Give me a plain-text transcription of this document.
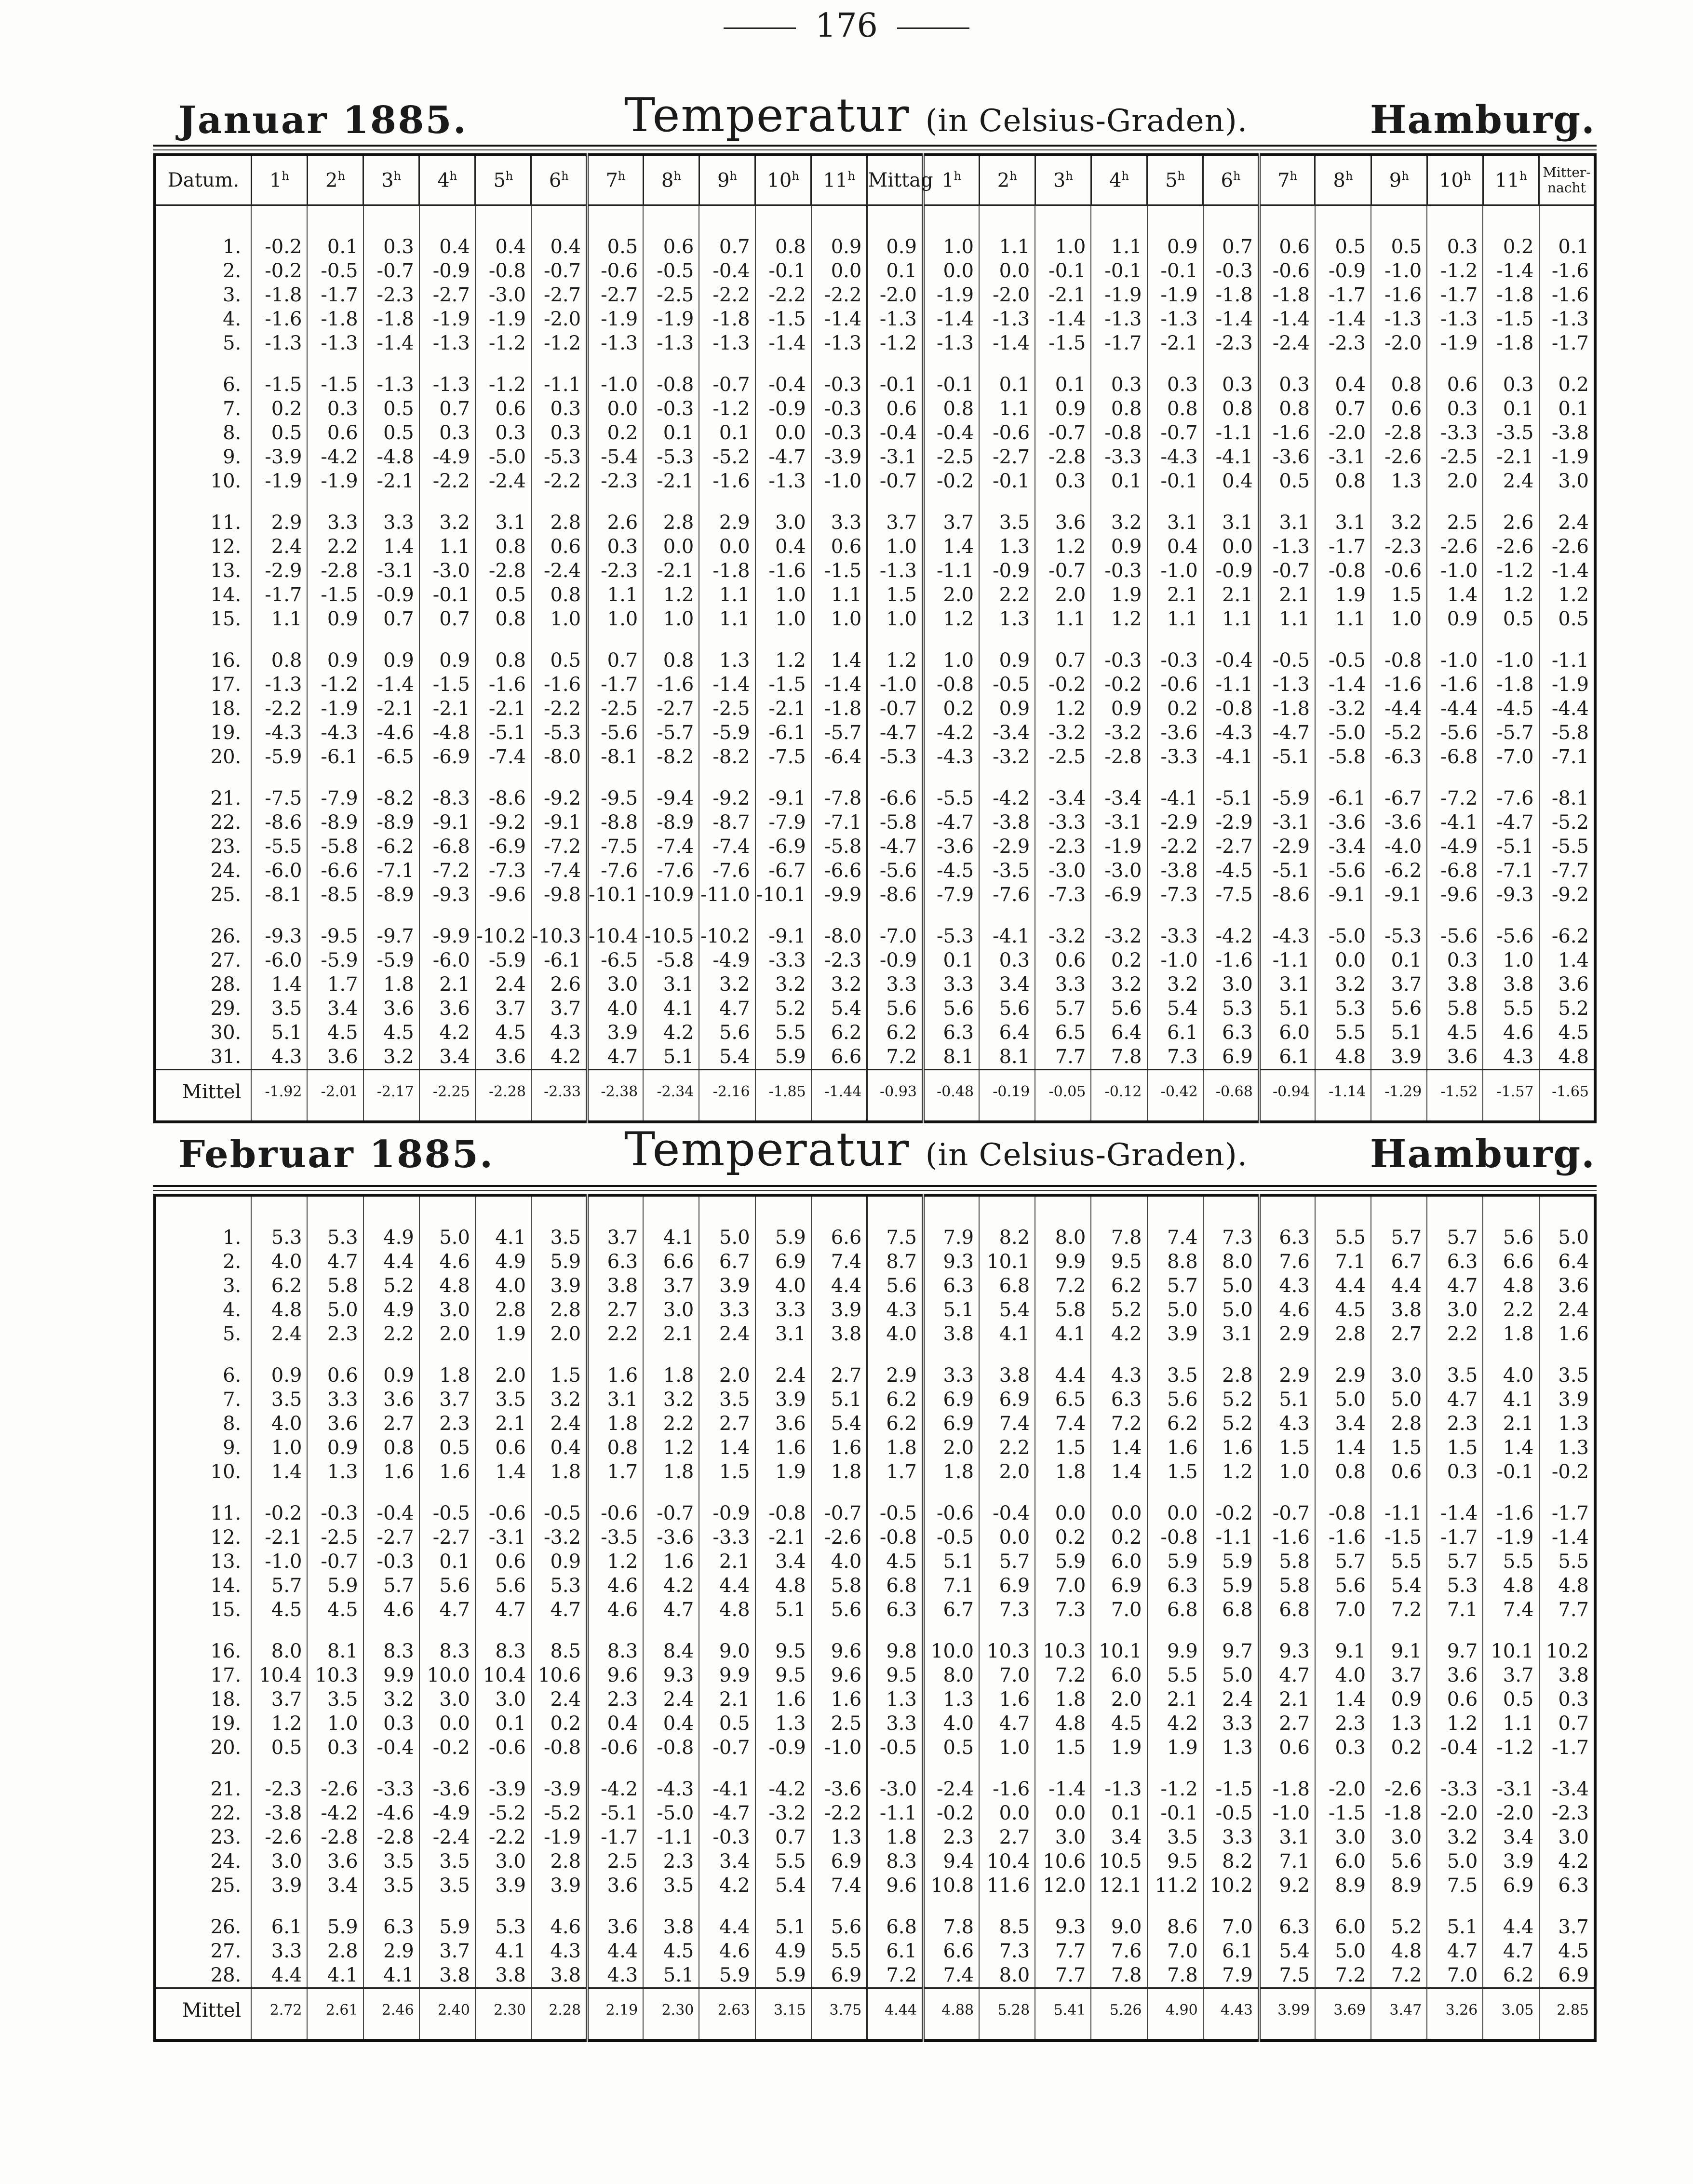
176
Januar 1885.	Temperatur (in Celsius-Graden).	Hamburg.
Datum.	1$^h$	2$^h$	3$^h$	4$^h$	5$^h$	6$^h$	7$^h$	8$^h$	9$^h$	10$^h$	11$^h$	Mittag	1$^h$	2$^h$	3$^h$	4$^h$	5$^h$	6$^h$	7$^h$	8$^h$	9$^h$	10$^h$	11$^h$	Mitter-nacht

1.	-0.2	0.1	0.3	0.4	0.4	0.4	0.5	0.6	0.7	0.8	0.9	0.9	1.0	1.1	1.0	1.1	0.9	0.7	0.6	0.5	0.5	0.3	0.2	0.1
2.	-0.2	-0.5	-0.7	-0.9	-0.8	-0.7	-0.6	-0.5	-0.4	-0.1	0.0	0.1	0.0	0.0	-0.1	-0.1	-0.1	-0.3	-0.6	-0.9	-1.0	-1.2	-1.4	-1.6
3.	-1.8	-1.7	-2.3	-2.7	-3.0	-2.7	-2.7	-2.5	-2.2	-2.2	-2.2	-2.0	-1.9	-2.0	-2.1	-1.9	-1.9	-1.8	-1.8	-1.7	-1.6	-1.7	-1.8	-1.6
4.	-1.6	-1.8	-1.8	-1.9	-1.9	-2.0	-1.9	-1.9	-1.8	-1.5	-1.4	-1.3	-1.4	-1.3	-1.4	-1.3	-1.3	-1.4	-1.4	-1.4	-1.3	-1.3	-1.5	-1.3
5.	-1.3	-1.3	-1.4	-1.3	-1.2	-1.2	-1.3	-1.3	-1.3	-1.4	-1.3	-1.2	-1.3	-1.4	-1.5	-1.7	-2.1	-2.3	-2.4	-2.3	-2.0	-1.9	-1.8	-1.7

6.	-1.5	-1.5	-1.3	-1.3	-1.2	-1.1	-1.0	-0.8	-0.7	-0.4	-0.3	-0.1	-0.1	0.1	0.1	0.3	0.3	0.3	0.3	0.4	0.8	0.6	0.3	0.2
7.	0.2	0.3	0.5	0.7	0.6	0.3	0.0	-0.3	-1.2	-0.9	-0.3	0.6	0.8	1.1	0.9	0.8	0.8	0.8	0.8	0.7	0.6	0.3	0.1	0.1
8.	0.5	0.6	0.5	0.3	0.3	0.3	0.2	0.1	0.1	0.0	-0.3	-0.4	-0.4	-0.6	-0.7	-0.8	-0.7	-1.1	-1.6	-2.0	-2.8	-3.3	-3.5	-3.8
9.	-3.9	-4.2	-4.8	-4.9	-5.0	-5.3	-5.4	-5.3	-5.2	-4.7	-3.9	-3.1	-2.5	-2.7	-2.8	-3.3	-4.3	-4.1	-3.6	-3.1	-2.6	-2.5	-2.1	-1.9
10.	-1.9	-1.9	-2.1	-2.2	-2.4	-2.2	-2.3	-2.1	-1.6	-1.3	-1.0	-0.7	-0.2	-0.1	0.3	0.1	-0.1	0.4	0.5	0.8	1.3	2.0	2.4	3.0

11.	2.9	3.3	3.3	3.2	3.1	2.8	2.6	2.8	2.9	3.0	3.3	3.7	3.7	3.5	3.6	3.2	3.1	3.1	3.1	3.1	3.2	2.5	2.6	2.4
12.	2.4	2.2	1.4	1.1	0.8	0.6	0.3	0.0	0.0	0.4	0.6	1.0	1.4	1.3	1.2	0.9	0.4	0.0	-1.3	-1.7	-2.3	-2.6	-2.6	-2.6
13.	-2.9	-2.8	-3.1	-3.0	-2.8	-2.4	-2.3	-2.1	-1.8	-1.6	-1.5	-1.3	-1.1	-0.9	-0.7	-0.3	-1.0	-0.9	-0.7	-0.8	-0.6	-1.0	-1.2	-1.4
14.	-1.7	-1.5	-0.9	-0.1	0.5	0.8	1.1	1.2	1.1	1.0	1.1	1.5	2.0	2.2	2.0	1.9	2.1	2.1	2.1	1.9	1.5	1.4	1.2	1.2
15.	1.1	0.9	0.7	0.7	0.8	1.0	1.0	1.0	1.1	1.0	1.0	1.0	1.2	1.3	1.1	1.2	1.1	1.1	1.1	1.1	1.0	0.9	0.5	0.5

16.	0.8	0.9	0.9	0.9	0.8	0.5	0.7	0.8	1.3	1.2	1.4	1.2	1.0	0.9	0.7	-0.3	-0.3	-0.4	-0.5	-0.5	-0.8	-1.0	-1.0	-1.1
17.	-1.3	-1.2	-1.4	-1.5	-1.6	-1.6	-1.7	-1.6	-1.4	-1.5	-1.4	-1.0	-0.8	-0.5	-0.2	-0.2	-0.6	-1.1	-1.3	-1.4	-1.6	-1.6	-1.8	-1.9
18.	-2.2	-1.9	-2.1	-2.1	-2.1	-2.2	-2.5	-2.7	-2.5	-2.1	-1.8	-0.7	0.2	0.9	1.2	0.9	0.2	-0.8	-1.8	-3.2	-4.4	-4.4	-4.5	-4.4
19.	-4.3	-4.3	-4.6	-4.8	-5.1	-5.3	-5.6	-5.7	-5.9	-6.1	-5.7	-4.7	-4.2	-3.4	-3.2	-3.2	-3.6	-4.3	-4.7	-5.0	-5.2	-5.6	-5.7	-5.8
20.	-5.9	-6.1	-6.5	-6.9	-7.4	-8.0	-8.1	-8.2	-8.2	-7.5	-6.4	-5.3	-4.3	-3.2	-2.5	-2.8	-3.3	-4.1	-5.1	-5.8	-6.3	-6.8	-7.0	-7.1

21.	-7.5	-7.9	-8.2	-8.3	-8.6	-9.2	-9.5	-9.4	-9.2	-9.1	-7.8	-6.6	-5.5	-4.2	-3.4	-3.4	-4.1	-5.1	-5.9	-6.1	-6.7	-7.2	-7.6	-8.1
22.	-8.6	-8.9	-8.9	-9.1	-9.2	-9.1	-8.8	-8.9	-8.7	-7.9	-7.1	-5.8	-4.7	-3.8	-3.3	-3.1	-2.9	-2.9	-3.1	-3.6	-3.6	-4.1	-4.7	-5.2
23.	-5.5	-5.8	-6.2	-6.8	-6.9	-7.2	-7.5	-7.4	-7.4	-6.9	-5.8	-4.7	-3.6	-2.9	-2.3	-1.9	-2.2	-2.7	-2.9	-3.4	-4.0	-4.9	-5.1	-5.5
24.	-6.0	-6.6	-7.1	-7.2	-7.3	-7.4	-7.6	-7.6	-7.6	-6.7	-6.6	-5.6	-4.5	-3.5	-3.0	-3.0	-3.8	-4.5	-5.1	-5.6	-6.2	-6.8	-7.1	-7.7
25.	-8.1	-8.5	-8.9	-9.3	-9.6	-9.8	-10.1	-10.9	-11.0	-10.1	-9.9	-8.6	-7.9	-7.6	-7.3	-6.9	-7.3	-7.5	-8.6	-9.1	-9.1	-9.6	-9.3	-9.2

26.	-9.3	-9.5	-9.7	-9.9	-10.2	-10.3	-10.4	-10.5	-10.2	-9.1	-8.0	-7.0	-5.3	-4.1	-3.2	-3.2	-3.3	-4.2	-4.3	-5.0	-5.3	-5.6	-5.6	-6.2
27.	-6.0	-5.9	-5.9	-6.0	-5.9	-6.1	-6.5	-5.8	-4.9	-3.3	-2.3	-0.9	0.1	0.3	0.6	0.2	-1.0	-1.6	-1.1	0.0	0.1	0.3	1.0	1.4
28.	1.4	1.7	1.8	2.1	2.4	2.6	3.0	3.1	3.2	3.2	3.2	3.3	3.3	3.4	3.3	3.2	3.2	3.0	3.1	3.2	3.7	3.8	3.8	3.6
29.	3.5	3.4	3.6	3.6	3.7	3.7	4.0	4.1	4.7	5.2	5.4	5.6	5.6	5.6	5.7	5.6	5.4	5.3	5.1	5.3	5.6	5.8	5.5	5.2
30.	5.1	4.5	4.5	4.2	4.5	4.3	3.9	4.2	5.6	5.5	6.2	6.2	6.3	6.4	6.5	6.4	6.1	6.3	6.0	5.5	5.1	4.5	4.6	4.5
31.	4.3	3.6	3.2	3.4	3.6	4.2	4.7	5.1	5.4	5.9	6.6	7.2	8.1	8.1	7.7	7.8	7.3	6.9	6.1	4.8	3.9	3.6	4.3	4.8
Mittel	-1.92	-2.01	-2.17	-2.25	-2.28	-2.33	-2.38	-2.34	-2.16	-1.85	-1.44	-0.93	-0.48	-0.19	-0.05	-0.12	-0.42	-0.68	-0.94	-1.14	-1.29	-1.52	-1.57	-1.65

Februar 1885.	Temperatur (in Celsius-Graden).	Hamburg.

1.	5.3	5.3	4.9	5.0	4.1	3.5	3.7	4.1	5.0	5.9	6.6	7.5	7.9	8.2	8.0	7.8	7.4	7.3	6.3	5.5	5.7	5.7	5.6	5.0
2.	4.0	4.7	4.4	4.6	4.9	5.9	6.3	6.6	6.7	6.9	7.4	8.7	9.3	10.1	9.9	9.5	8.8	8.0	7.6	7.1	6.7	6.3	6.6	6.4
3.	6.2	5.8	5.2	4.8	4.0	3.9	3.8	3.7	3.9	4.0	4.4	5.6	6.3	6.8	7.2	6.2	5.7	5.0	4.3	4.4	4.4	4.7	4.8	3.6
4.	4.8	5.0	4.9	3.0	2.8	2.8	2.7	3.0	3.3	3.3	3.9	4.3	5.1	5.4	5.8	5.2	5.0	5.0	4.6	4.5	3.8	3.0	2.2	2.4
5.	2.4	2.3	2.2	2.0	1.9	2.0	2.2	2.1	2.4	3.1	3.8	4.0	3.8	4.1	4.1	4.2	3.9	3.1	2.9	2.8	2.7	2.2	1.8	1.6

6.	0.9	0.6	0.9	1.8	2.0	1.5	1.6	1.8	2.0	2.4	2.7	2.9	3.3	3.8	4.4	4.3	3.5	2.8	2.9	2.9	3.0	3.5	4.0	3.5
7.	3.5	3.3	3.6	3.7	3.5	3.2	3.1	3.2	3.5	3.9	5.1	6.2	6.9	6.9	6.5	6.3	5.6	5.2	5.1	5.0	5.0	4.7	4.1	3.9
8.	4.0	3.6	2.7	2.3	2.1	2.4	1.8	2.2	2.7	3.6	5.4	6.2	6.9	7.4	7.4	7.2	6.2	5.2	4.3	3.4	2.8	2.3	2.1	1.3
9.	1.0	0.9	0.8	0.5	0.6	0.4	0.8	1.2	1.4	1.6	1.6	1.8	2.0	2.2	1.5	1.4	1.6	1.6	1.5	1.4	1.5	1.5	1.4	1.3
10.	1.4	1.3	1.6	1.6	1.4	1.8	1.7	1.8	1.5	1.9	1.8	1.7	1.8	2.0	1.8	1.4	1.5	1.2	1.0	0.8	0.6	0.3	-0.1	-0.2

11.	-0.2	-0.3	-0.4	-0.5	-0.6	-0.5	-0.6	-0.7	-0.9	-0.8	-0.7	-0.5	-0.6	-0.4	0.0	0.0	0.0	-0.2	-0.7	-0.8	-1.1	-1.4	-1.6	-1.7
12.	-2.1	-2.5	-2.7	-2.7	-3.1	-3.2	-3.5	-3.6	-3.3	-2.1	-2.6	-0.8	-0.5	0.0	0.2	0.2	-0.8	-1.1	-1.6	-1.6	-1.5	-1.7	-1.9	-1.4
13.	-1.0	-0.7	-0.3	0.1	0.6	0.9	1.2	1.6	2.1	3.4	4.0	4.5	5.1	5.7	5.9	6.0	5.9	5.9	5.8	5.7	5.5	5.7	5.5	5.5
14.	5.7	5.9	5.7	5.6	5.6	5.3	4.6	4.2	4.4	4.8	5.8	6.8	7.1	6.9	7.0	6.9	6.3	5.9	5.8	5.6	5.4	5.3	4.8	4.8
15.	4.5	4.5	4.6	4.7	4.7	4.7	4.6	4.7	4.8	5.1	5.6	6.3	6.7	7.3	7.3	7.0	6.8	6.8	6.8	7.0	7.2	7.1	7.4	7.7

16.	8.0	8.1	8.3	8.3	8.3	8.5	8.3	8.4	9.0	9.5	9.6	9.8	10.0	10.3	10.3	10.1	9.9	9.7	9.3	9.1	9.1	9.7	10.1	10.2
17.	10.4	10.3	9.9	10.0	10.4	10.6	9.6	9.3	9.9	9.5	9.6	9.5	8.0	7.0	7.2	6.0	5.5	5.0	4.7	4.0	3.7	3.6	3.7	3.8
18.	3.7	3.5	3.2	3.0	3.0	2.4	2.3	2.4	2.1	1.6	1.6	1.3	1.3	1.6	1.8	2.0	2.1	2.4	2.1	1.4	0.9	0.6	0.5	0.3
19.	1.2	1.0	0.3	0.0	0.1	0.2	0.4	0.4	0.5	1.3	2.5	3.3	4.0	4.7	4.8	4.5	4.2	3.3	2.7	2.3	1.3	1.2	1.1	0.7
20.	0.5	0.3	-0.4	-0.2	-0.6	-0.8	-0.6	-0.8	-0.7	-0.9	-1.0	-0.5	0.5	1.0	1.5	1.9	1.9	1.3	0.6	0.3	0.2	-0.4	-1.2	-1.7

21.	-2.3	-2.6	-3.3	-3.6	-3.9	-3.9	-4.2	-4.3	-4.1	-4.2	-3.6	-3.0	-2.4	-1.6	-1.4	-1.3	-1.2	-1.5	-1.8	-2.0	-2.6	-3.3	-3.1	-3.4
22.	-3.8	-4.2	-4.6	-4.9	-5.2	-5.2	-5.1	-5.0	-4.7	-3.2	-2.2	-1.1	-0.2	0.0	0.0	0.1	-0.1	-0.5	-1.0	-1.5	-1.8	-2.0	-2.0	-2.3
23.	-2.6	-2.8	-2.8	-2.4	-2.2	-1.9	-1.7	-1.1	-0.3	0.7	1.3	1.8	2.3	2.7	3.0	3.4	3.5	3.3	3.1	3.0	3.0	3.2	3.4	3.0
24.	3.0	3.6	3.5	3.5	3.0	2.8	2.5	2.3	3.4	5.5	6.9	8.3	9.4	10.4	10.6	10.5	9.5	8.2	7.1	6.0	5.6	5.0	3.9	4.2
25.	3.9	3.4	3.5	3.5	3.9	3.9	3.6	3.5	4.2	5.4	7.4	9.6	10.8	11.6	12.0	12.1	11.2	10.2	9.2	8.9	8.9	7.5	6.9	6.3

26.	6.1	5.9	6.3	5.9	5.3	4.6	3.6	3.8	4.4	5.1	5.6	6.8	7.8	8.5	9.3	9.0	8.6	7.0	6.3	6.0	5.2	5.1	4.4	3.7
27.	3.3	2.8	2.9	3.7	4.1	4.3	4.4	4.5	4.6	4.9	5.5	6.1	6.6	7.3	7.7	7.6	7.0	6.1	5.4	5.0	4.8	4.7	4.7	4.5
28.	4.4	4.1	4.1	3.8	3.8	3.8	4.3	5.1	5.9	5.9	6.9	7.2	7.4	8.0	7.7	7.8	7.8	7.9	7.5	7.2	7.2	7.0	6.2	6.9
Mittel	2.72	2.61	2.46	2.40	2.30	2.28	2.19	2.30	2.63	3.15	3.75	4.44	4.88	5.28	5.41	5.26	4.90	4.43	3.99	3.69	3.47	3.26	3.05	2.85
